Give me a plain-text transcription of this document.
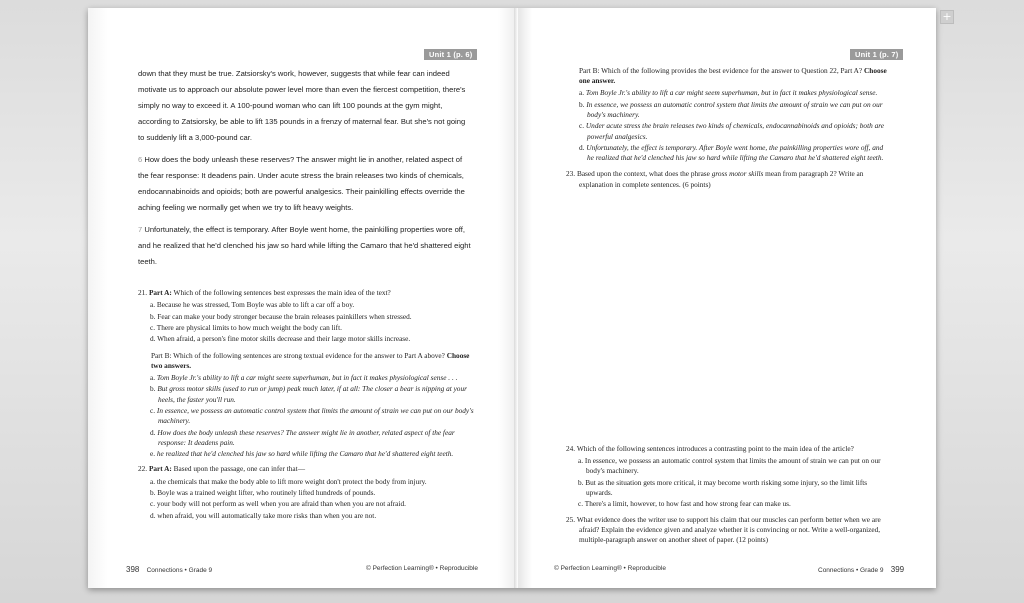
Unit 1 (p. 6)

down that they must be true. Zatsiorsky's work, however, suggests that while fear can indeed motivate us to approach our absolute power level more than even the fiercest competition, there's simply no way to exceed it. A 100-pound woman who can lift 100 pounds at the gym might, according to Zatsiorsky, be able to lift 135 pounds in a frenzy of maternal fear. But she's not going to suddenly lift a 3,000-pound car.

6 How does the body unleash these reserves? The answer might lie in another, related aspect of the fear response: It deadens pain. Under acute stress the brain releases two kinds of chemicals, endocannabinoids and opioids; both are powerful analgesics. Their painkilling effects override the aching feeling we normally get when we try to lift heavy weights.

7 Unfortunately, the effect is temporary. After Boyle went home, the painkilling properties wore off, and he realized that he'd clenched his jaw so hard while lifting the Camaro that he'd shattered eight teeth.

21. Part A: Which of the following sentences best expresses the main idea of the text?
a. Because he was stressed, Tom Boyle was able to lift a car off a boy.
b. Fear can make your body stronger because the brain releases painkillers when stressed.
c. There are physical limits to how much weight the body can lift.
d. When afraid, a person's fine motor skills decrease and their large motor skills increase.
Part B: Which of the following sentences are strong textual evidence for the answer to Part A above? Choose two answers.
a. Tom Boyle Jr.'s ability to lift a car might seem superhuman, but in fact it makes physiological sense . . .
b. But gross motor skills (used to run or jump) peak much later, if at all: The closer a bear is nipping at your heels, the faster you'll run.
c. In essence, we possess an automatic control system that limits the amount of strain we can put on our body's machinery.
d. How does the body unleash these reserves? The answer might lie in another, related aspect of the fear response: It deadens pain.
e. he realized that he'd clenched his jaw so hard while lifting the Camaro that he'd shattered eight teeth.
22. Part A: Based upon the passage, one can infer that—
a. the chemicals that make the body able to lift more weight don't protect the body from injury.
b. Boyle was a trained weight lifter, who routinely lifted hundreds of pounds.
c. your body will not perform as well when you are afraid than when you are not afraid.
d. when afraid, you will automatically take more risks than when you are not.
398 Connections • Grade 9	© Perfection Learning® • Reproducible
Unit 1 (p. 7)
Part B: Which of the following provides the best evidence for the answer to Question 22, Part A? Choose one answer.
a. Tom Boyle Jr.'s ability to lift a car might seem superhuman, but in fact it makes physiological sense.
b. In essence, we possess an automatic control system that limits the amount of strain we can put on our body's machinery.
c. Under acute stress the brain releases two kinds of chemicals, endocannabinoids and opioids; both are powerful analgesics.
d. Unfortunately, the effect is temporary. After Boyle went home, the painkilling properties wore off, and he realized that he'd clenched his jaw so hard while lifting the Camaro that he'd shattered eight teeth.
23. Based upon the context, what does the phrase gross motor skills mean from paragraph 2? Write an explanation in complete sentences. (6 points)
24. Which of the following sentences introduces a contrasting point to the main idea of the article?
a. In essence, we possess an automatic control system that limits the amount of strain we can put on our body's machinery.
b. But as the situation gets more critical, it may become worth risking some injury, so the limit lifts upwards.
c. There's a limit, however, to how fast and how strong fear can make us.
25. What evidence does the writer use to support his claim that our muscles can perform better when we are afraid? Explain the evidence given and analyze whether it is convincing or not. Write a well-organized, multiple-paragraph answer on another sheet of paper. (12 points)
© Perfection Learning® • Reproducible	Connections • Grade 9 399
+
